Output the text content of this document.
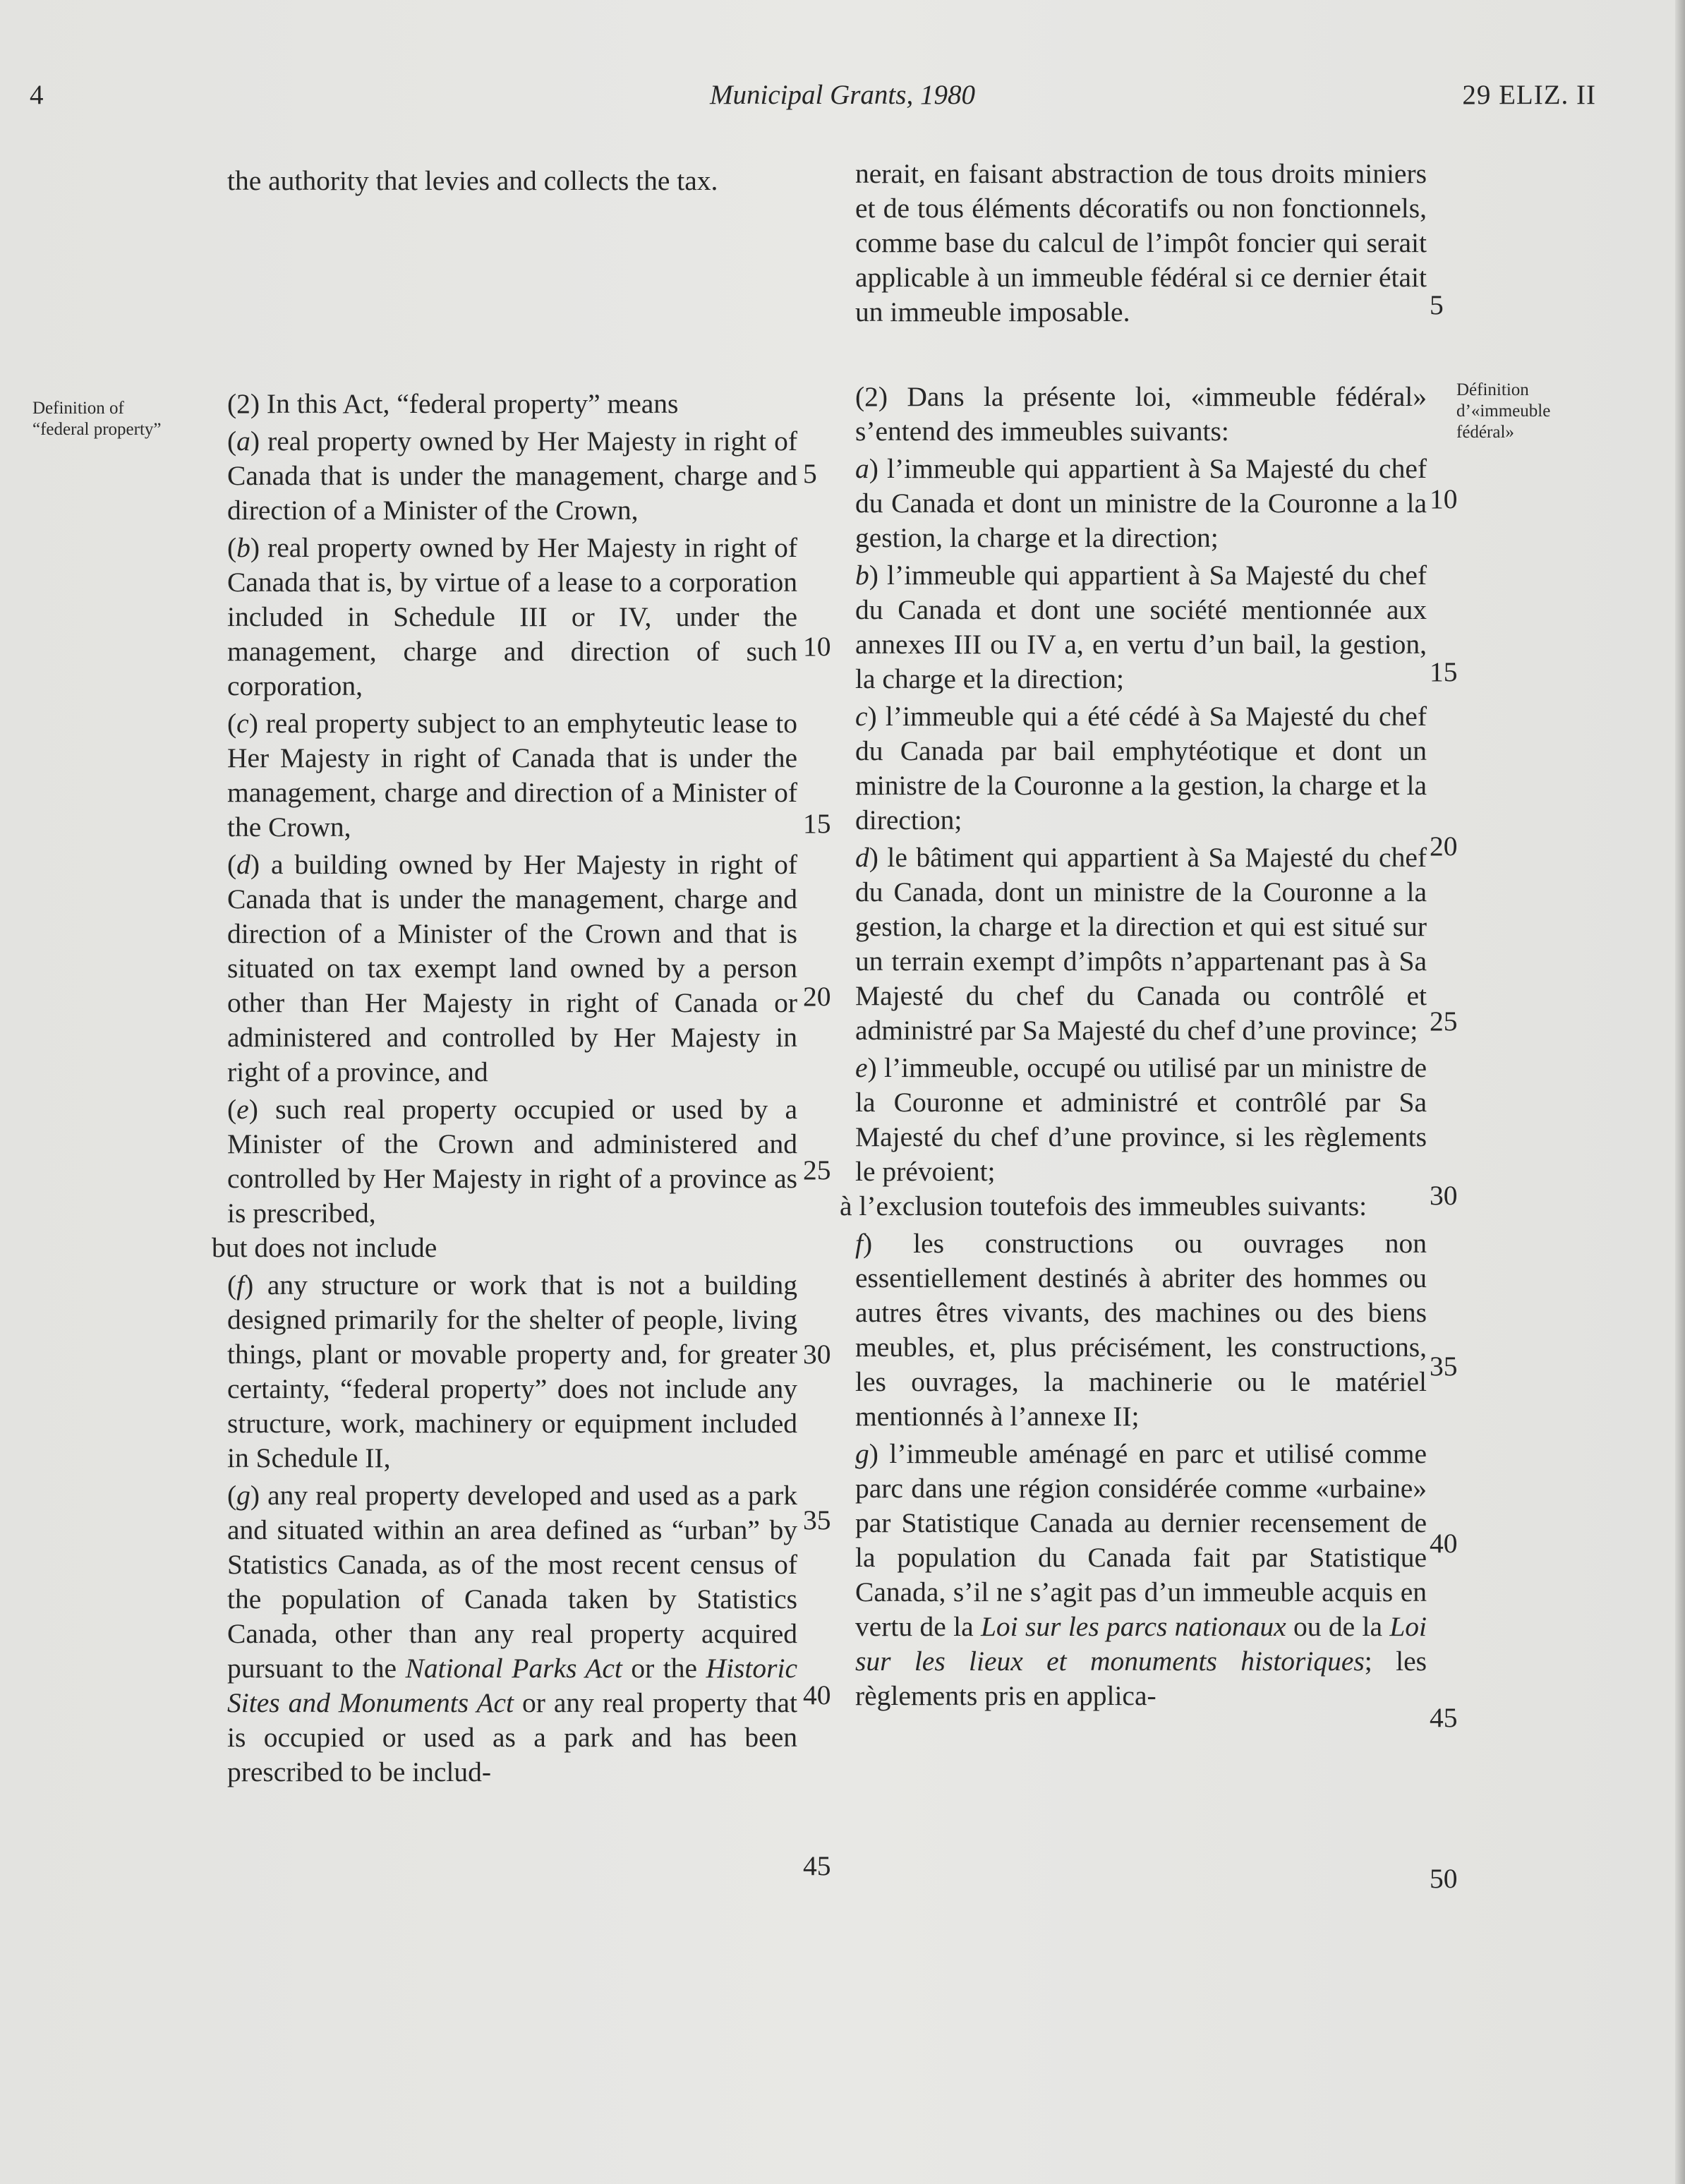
4	Municipal Grants, 1980	29 ELIZ. II
Definition of “federal property”
Définition d’«immeuble fédéral»

the authority that levies and collects the tax.

(2) In this Act, “federal property” means

(a) real property owned by Her Majesty in right of Canada that is under the management, charge and direction of a Minister of the Crown,

(b) real property owned by Her Majesty in right of Canada that is, by virtue of a lease to a corporation included in Schedule III or IV, under the management, charge and direction of such corporation,

(c) real property subject to an emphyteutic lease to Her Majesty in right of Canada that is under the management, charge and direction of a Minister of the Crown,

(d) a building owned by Her Majesty in right of Canada that is under the management, charge and direction of a Minister of the Crown and that is situated on tax exempt land owned by a person other than Her Majesty in right of Canada or administered and controlled by Her Majesty in right of a province, and

(e) such real property occupied or used by a Minister of the Crown and administered and controlled by Her Majesty in right of a province as is prescribed,

but does not include

(f) any structure or work that is not a building designed primarily for the shelter of people, living things, plant or movable property and, for greater certainty, “federal property” does not include any structure, work, machinery or equipment included in Schedule II,

(g) any real property developed and used as a park and situated within an area defined as “urban” by Statistics Canada, as of the most recent census of the population of Canada taken by Statistics Canada, other than any real property acquired pursuant to the National Parks Act or the Historic Sites and Monuments Act or any real property that is occupied or used as a park and has been prescribed to be includ-

nerait, en faisant abstraction de tous droits miniers et de tous éléments décoratifs ou non fonctionnels, comme base du calcul de l’impôt foncier qui serait applicable à un immeuble fédéral si ce dernier était un immeuble imposable.

(2) Dans la présente loi, «immeuble fédéral» s’entend des immeubles suivants:

a) l’immeuble qui appartient à Sa Majesté du chef du Canada et dont un ministre de la Couronne a la gestion, la charge et la direction;

b) l’immeuble qui appartient à Sa Majesté du chef du Canada et dont une société mentionnée aux annexes III ou IV a, en vertu d’un bail, la gestion, la charge et la direction;

c) l’immeuble qui a été cédé à Sa Majesté du chef du Canada par bail emphytéotique et dont un ministre de la Couronne a la gestion, la charge et la direction;

d) le bâtiment qui appartient à Sa Majesté du chef du Canada, dont un ministre de la Couronne a la gestion, la charge et la direction et qui est situé sur un terrain exempt d’impôts n’appartenant pas à Sa Majesté du chef du Canada ou contrôlé et administré par Sa Majesté du chef d’une province;

e) l’immeuble, occupé ou utilisé par un ministre de la Couronne et administré et contrôlé par Sa Majesté du chef d’une province, si les règlements le prévoient;

à l’exclusion toutefois des immeubles suivants:

f) les constructions ou ouvrages non essentiellement destinés à abriter des hommes ou autres êtres vivants, des machines ou des biens meubles, et, plus précisément, les constructions, les ouvrages, la machinerie ou le matériel mentionnés à l’annexe II;

g) l’immeuble aménagé en parc et utilisé comme parc dans une région considérée comme «urbaine» par Statistique Canada au dernier recensement de la population du Canada fait par Statistique Canada, s’il ne s’agit pas d’un immeuble acquis en vertu de la Loi sur les parcs nationaux ou de la Loi sur les lieux et monuments historiques; les règlements pris en applica-

5
10
15
20
25
30
35
40
45
5
10
15
20
25
30
35
40
45
50
